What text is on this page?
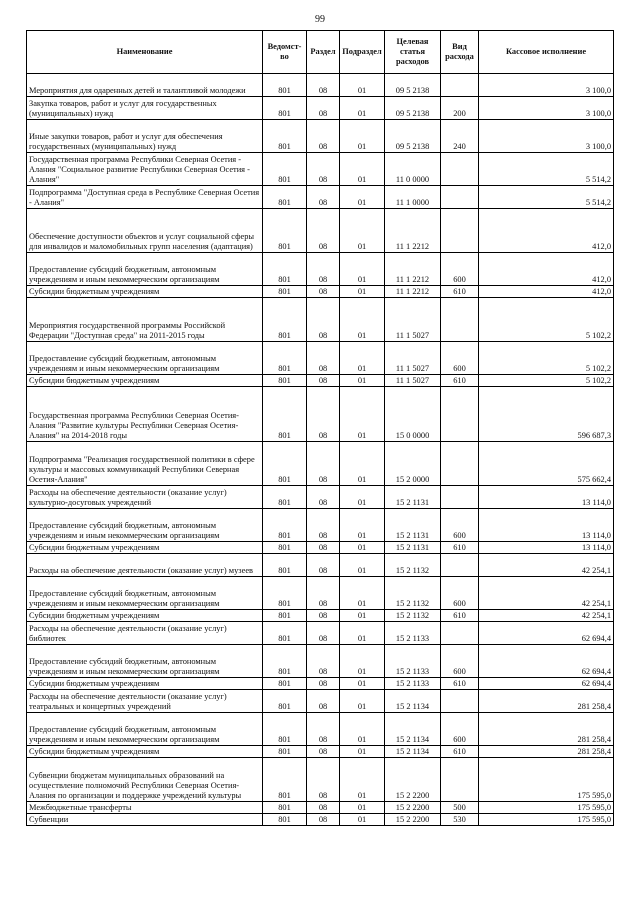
99
Наименование	Ведомст-во	Раздел	Подраздел	Целевая статья расходов	Вид расхода	Кассовое исполнение
Мероприятия для одаренных детей и талантливой молодежи	801	08	01	09 5 2138		3 100,0
Закупка товаров, работ и услуг для государственных (муниципальных) нужд	801	08	01	09 5 2138	200	3 100,0
Иные закупки товаров, работ и услуг для обеспечения государственных (муниципальных) нужд	801	08	01	09 5 2138	240	3 100,0
Государственная программа Республики Северная Осетия - Алания "Социальное развитие Республики Северная Осетия - Алания"	801	08	01	11 0 0000		5 514,2
Подпрограмма "Доступная среда в Республике Северная Осетия - Алания"	801	08	01	11 1 0000		5 514,2
Обеспечение доступности объектов и услуг социальной сферы для инвалидов и маломобильных групп населения (адаптация)	801	08	01	11 1 2212		412,0
Предоставление субсидий бюджетным, автономным учреждениям и иным некоммерческим организациям	801	08	01	11 1 2212	600	412,0
Субсидии бюджетным учреждениям	801	08	01	11 1 2212	610	412,0
Мероприятия государственной программы Российской Федерации "Доступная среда" на 2011-2015 годы	801	08	01	11 1 5027		5 102,2
Предоставление субсидий бюджетным, автономным учреждениям и иным некоммерческим организациям	801	08	01	11 1 5027	600	5 102,2
Субсидии бюджетным учреждениям	801	08	01	11 1 5027	610	5 102,2
Государственная программа Республики Северная Осетия-Алания "Развитие культуры Республики Северная Осетия-Алания" на 2014-2018 годы	801	08	01	15 0 0000		596 687,3
Подпрограмма "Реализация государственной политики в сфере культуры и массовых коммуникаций Республики Северная Осетия-Алания"	801	08	01	15 2 0000		575 662,4
Расходы на обеспечение деятельности (оказание услуг) культурно-досуговых учреждений	801	08	01	15 2 1131		13 114,0
Предоставление субсидий бюджетным, автономным учреждениям и иным некоммерческим организациям	801	08	01	15 2 1131	600	13 114,0
Субсидии бюджетным учреждениям	801	08	01	15 2 1131	610	13 114,0
Расходы на обеспечение деятельности (оказание услуг) музеев	801	08	01	15 2 1132		42 254,1
Предоставление субсидий бюджетным, автономным учреждениям и иным некоммерческим организациям	801	08	01	15 2 1132	600	42 254,1
Субсидии бюджетным учреждениям	801	08	01	15 2 1132	610	42 254,1
Расходы на обеспечение деятельности (оказание услуг) библиотек	801	08	01	15 2 1133		62 694,4
Предоставление субсидий бюджетным, автономным учреждениям и иным некоммерческим организациям	801	08	01	15 2 1133	600	62 694,4
Субсидии бюджетным учреждениям	801	08	01	15 2 1133	610	62 694,4
Расходы на обеспечение деятельности (оказание услуг) театральных и концертных учреждений	801	08	01	15 2 1134		281 258,4
Предоставление субсидий бюджетным, автономным учреждениям и иным некоммерческим организациям	801	08	01	15 2 1134	600	281 258,4
Субсидии бюджетным учреждениям	801	08	01	15 2 1134	610	281 258,4
Субвенции бюджетам муниципальных образований на осуществление полномочий Республики Северная Осетия-Алания по организации и поддержке учреждений культуры	801	08	01	15 2 2200		175 595,0
Межбюджетные трансферты	801	08	01	15 2 2200	500	175 595,0
Субвенции	801	08	01	15 2 2200	530	175 595,0
